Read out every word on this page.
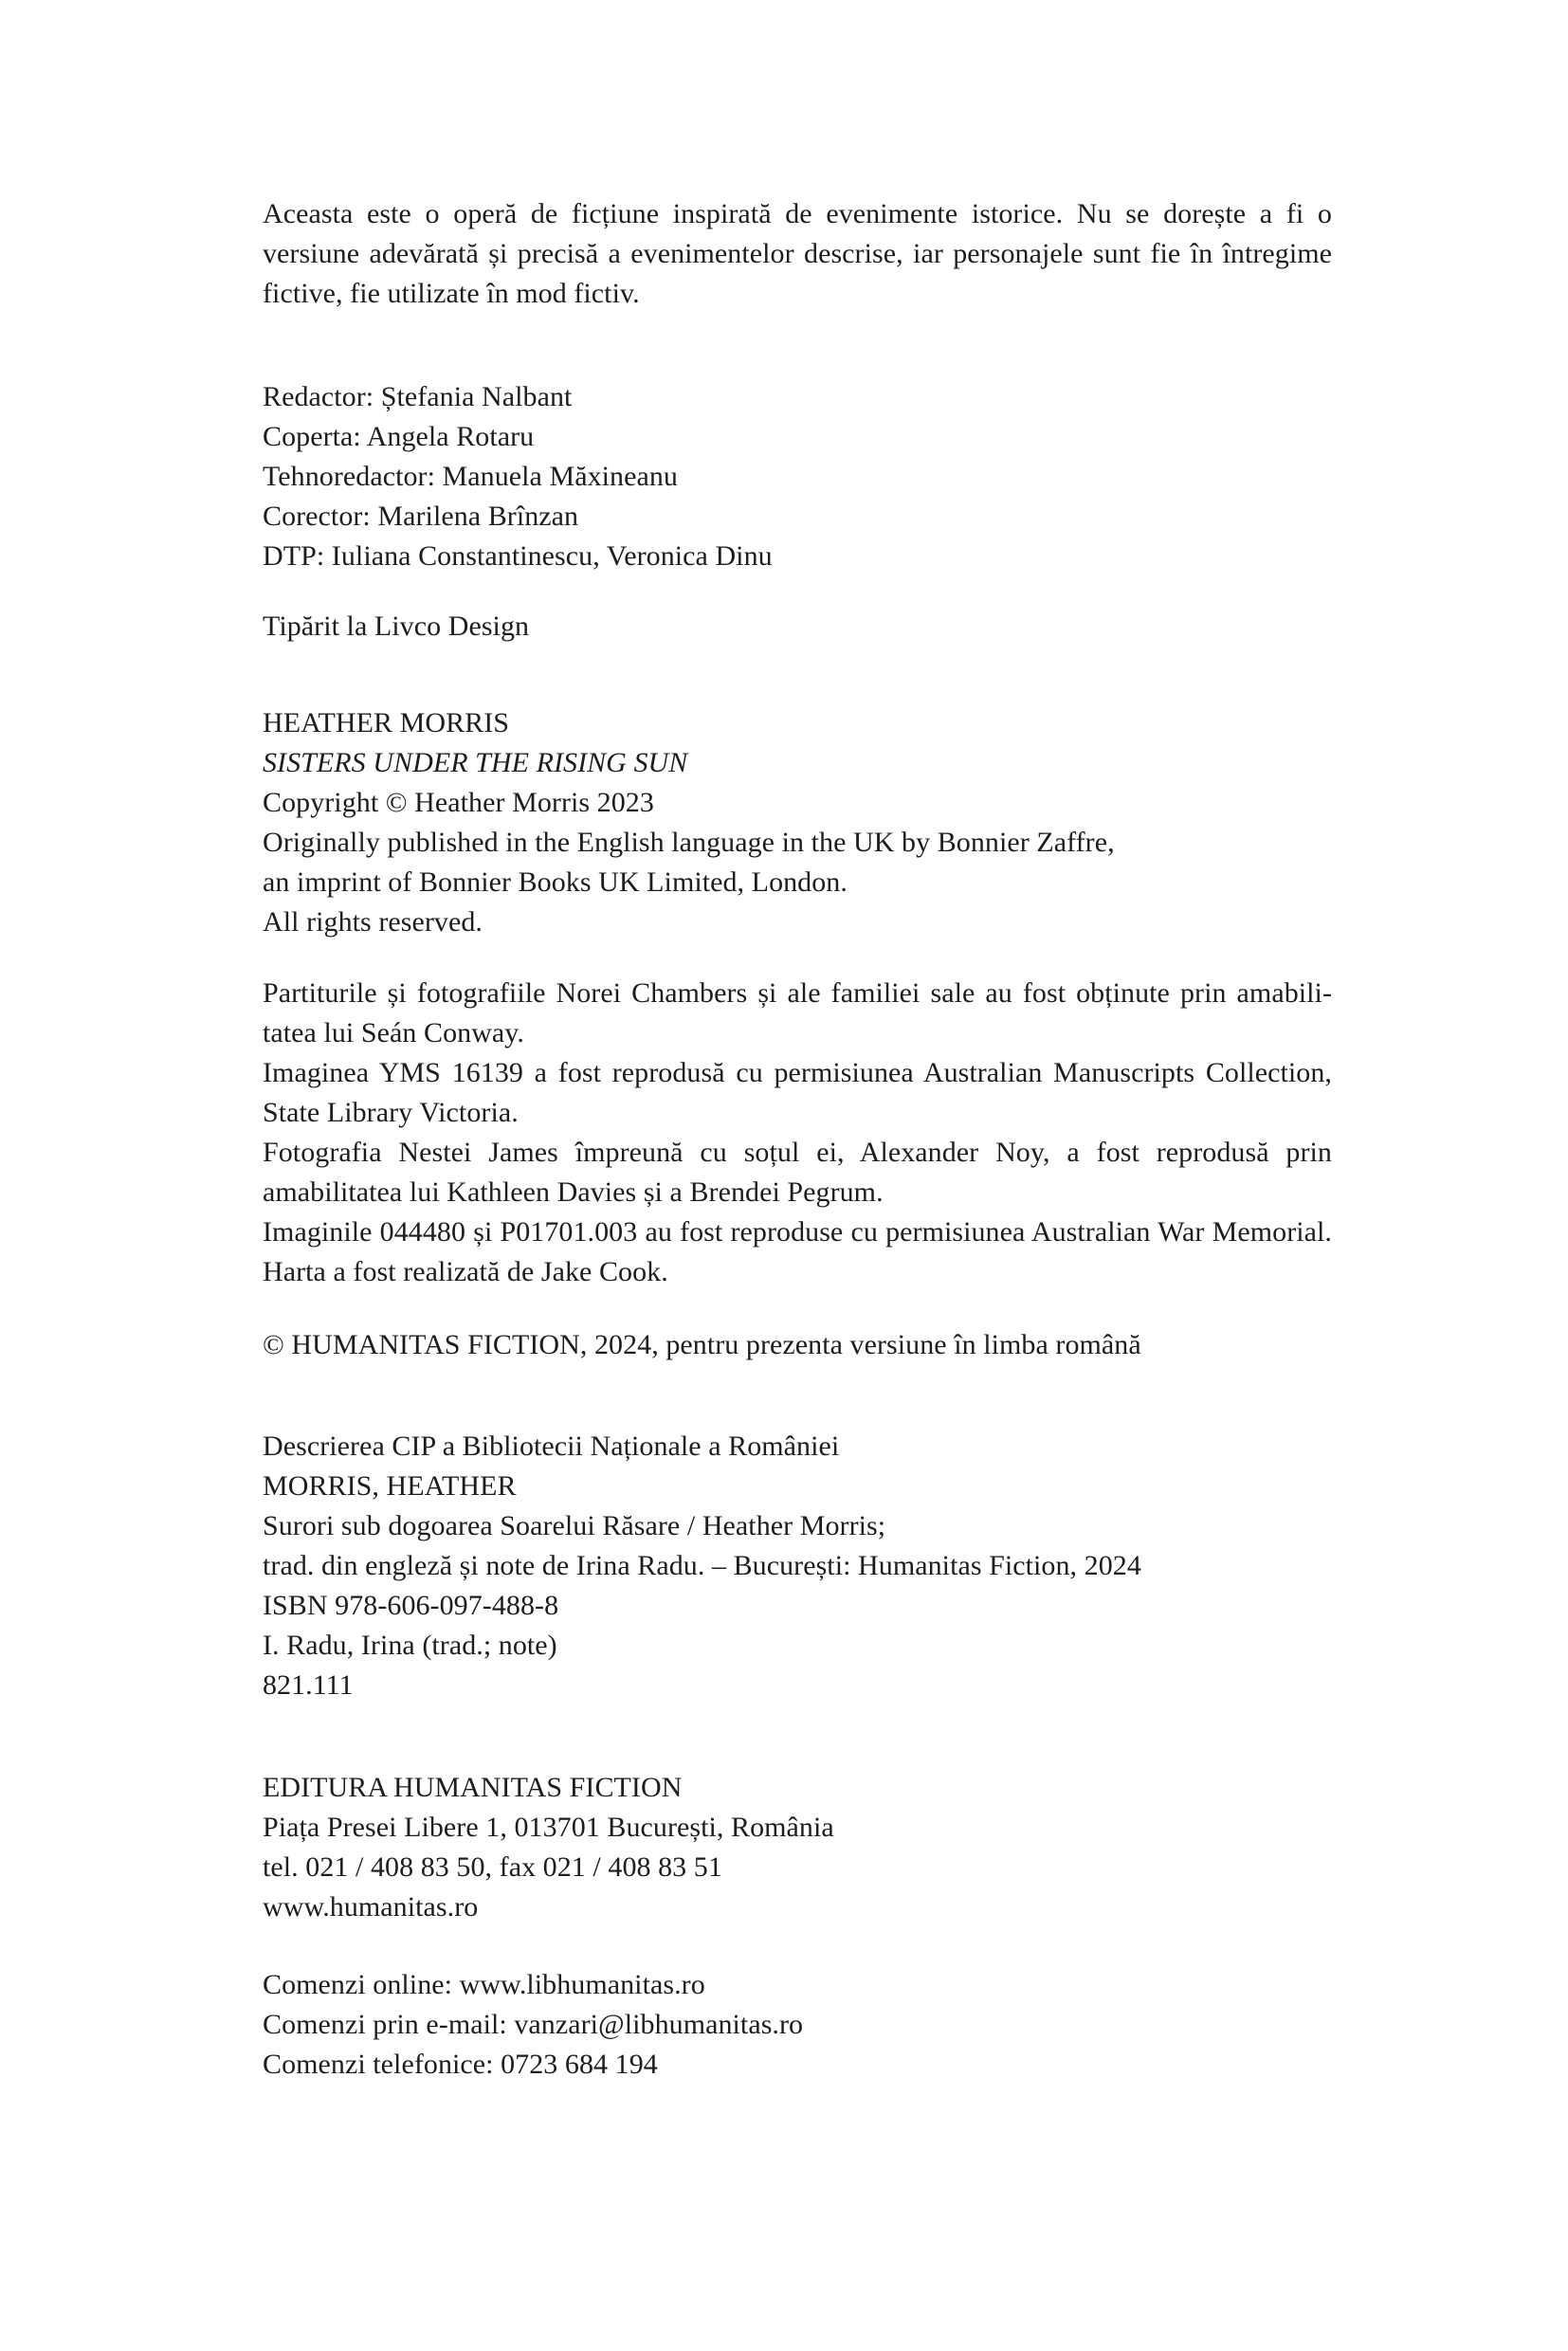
Aceasta este o operă de ficțiune inspirată de evenimente istorice. Nu se dorește a fi o
versiune adevărată și precisă a evenimentelor descrise, iar personajele sunt fie în întregime
fictive, fie utilizate în mod fictiv.
Redactor: Ștefania Nalbant
Coperta: Angela Rotaru
Tehnoredactor: Manuela Măxineanu
Corector: Marilena Brînzan
DTP: Iuliana Constantinescu, Veronica Dinu
Tipărit la Livco Design
HEATHER MORRIS
SISTERS UNDER THE RISING SUN
Copyright © Heather Morris 2023
Originally published in the English language in the UK by Bonnier Zaffre,
an imprint of Bonnier Books UK Limited, London.
All rights reserved.
Partiturile și fotografiile Norei Chambers și ale familiei sale au fost obținute prin amabili-
tatea lui Seán Conway.
Imaginea YMS 16139 a fost reprodusă cu permisiunea Australian Manuscripts Collection,
State Library Victoria.
Fotografia Nestei James împreună cu soțul ei, Alexander Noy, a fost reprodusă prin
amabilitatea lui Kathleen Davies și a Brendei Pegrum.
Imaginile 044480 și P01701.003 au fost reproduse cu permisiunea Australian War Memorial.
Harta a fost realizată de Jake Cook.
© HUMANITAS FICTION, 2024, pentru prezenta versiune în limba română
Descrierea CIP a Bibliotecii Naționale a României
MORRIS, HEATHER
Surori sub dogoarea Soarelui Răsare / Heather Morris;
trad. din engleză și note de Irina Radu. – București: Humanitas Fiction, 2024
ISBN 978-606-097-488-8
I. Radu, Irina (trad.; note)
821.111
EDITURA HUMANITAS FICTION
Piața Presei Libere 1, 013701 București, România
tel. 021 / 408 83 50, fax 021 / 408 83 51
www.humanitas.ro
Comenzi online: www.libhumanitas.ro
Comenzi prin e-mail: vanzari@libhumanitas.ro
Comenzi telefonice: 0723 684 194
